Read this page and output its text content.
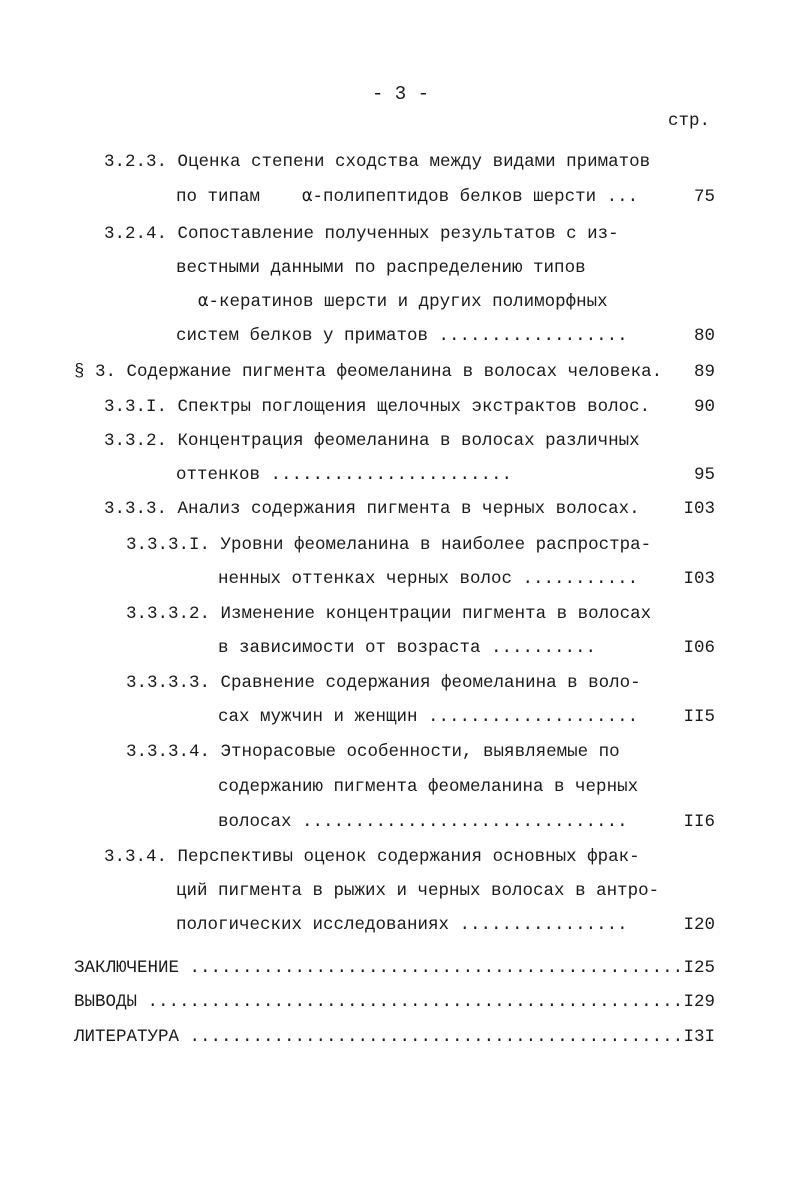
- 3 -
стр.
3.2.3. Оценка степени сходства между видами приматов
по типам    ⍺-полипептидов белков шерсти ...
3.2.4. Сопоставление полученных результатов с из-
вестными данными по распределению типов
⍺-кератинов шерсти и других полиморфных
систем белков у приматов ..................
§ 3. Содержание пигмента феомеланина в волосах человека.
3.3.I. Спектры поглощения щелочных экстрактов волос.
3.3.2. Концентрация феомеланина в волосах различных
оттенков .......................
3.3.3. Анализ содержания пигмента в черных волосах.
3.3.3.I. Уровни феомеланина в наиболее распростра-
ненных оттенках черных волос ...........
3.3.3.2. Изменение концентрации пигмента в волосах
в зависимости от возраста ..........
3.3.3.3. Сравнение содержания феомеланина в воло-
сах мужчин и женщин ....................
3.3.3.4. Этнорасовые особенности, выявляемые по
содержанию пигмента феомеланина в черных
волосах ...............................
3.3.4. Перспективы оценок содержания основных фрак-
ций пигмента в рыжих и черных волосах в антро-
пологических исследованиях ................
ЗАКЛЮЧЕНИЕ ...............................................
ВЫВОДЫ ...................................................
ЛИТЕРАТУРА ...............................................
75
80
89
90
95
I03
I03
I06
II5
II6
I20
I25
I29
I3I
